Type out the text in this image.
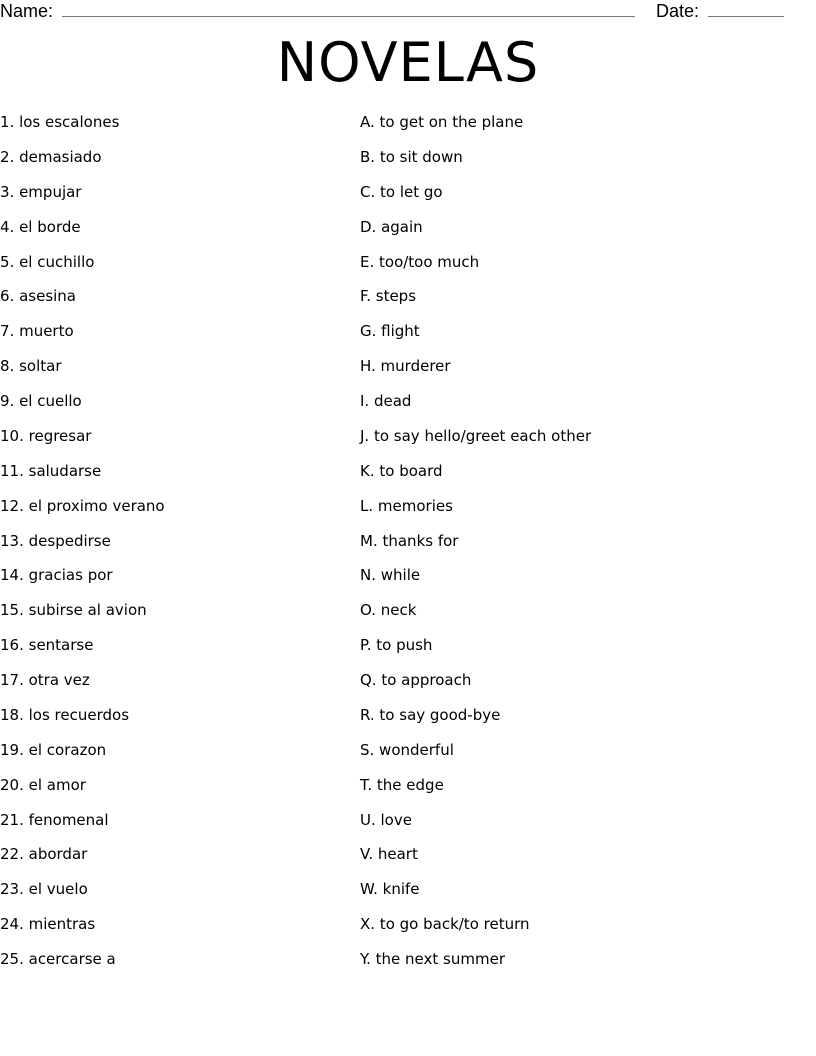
Name:	Date:
NOVELAS
1. los escalones
2. demasiado
3. empujar
4. el borde
5. el cuchillo
6. asesina
7. muerto
8. soltar
9. el cuello
10. regresar
11. saludarse
12. el proximo verano
13. despedirse
14. gracias por
15. subirse al avion
16. sentarse
17. otra vez
18. los recuerdos
19. el corazon
20. el amor
21. fenomenal
22. abordar
23. el vuelo
24. mientras
25. acercarse a
A. to get on the plane
B. to sit down
C. to let go
D. again
E. too/too much
F. steps
G. flight
H. murderer
I. dead
J. to say hello/greet each other
K. to board
L. memories
M. thanks for
N. while
O. neck
P. to push
Q. to approach
R. to say good-bye
S. wonderful
T. the edge
U. love
V. heart
W. knife
X. to go back/to return
Y. the next summer
